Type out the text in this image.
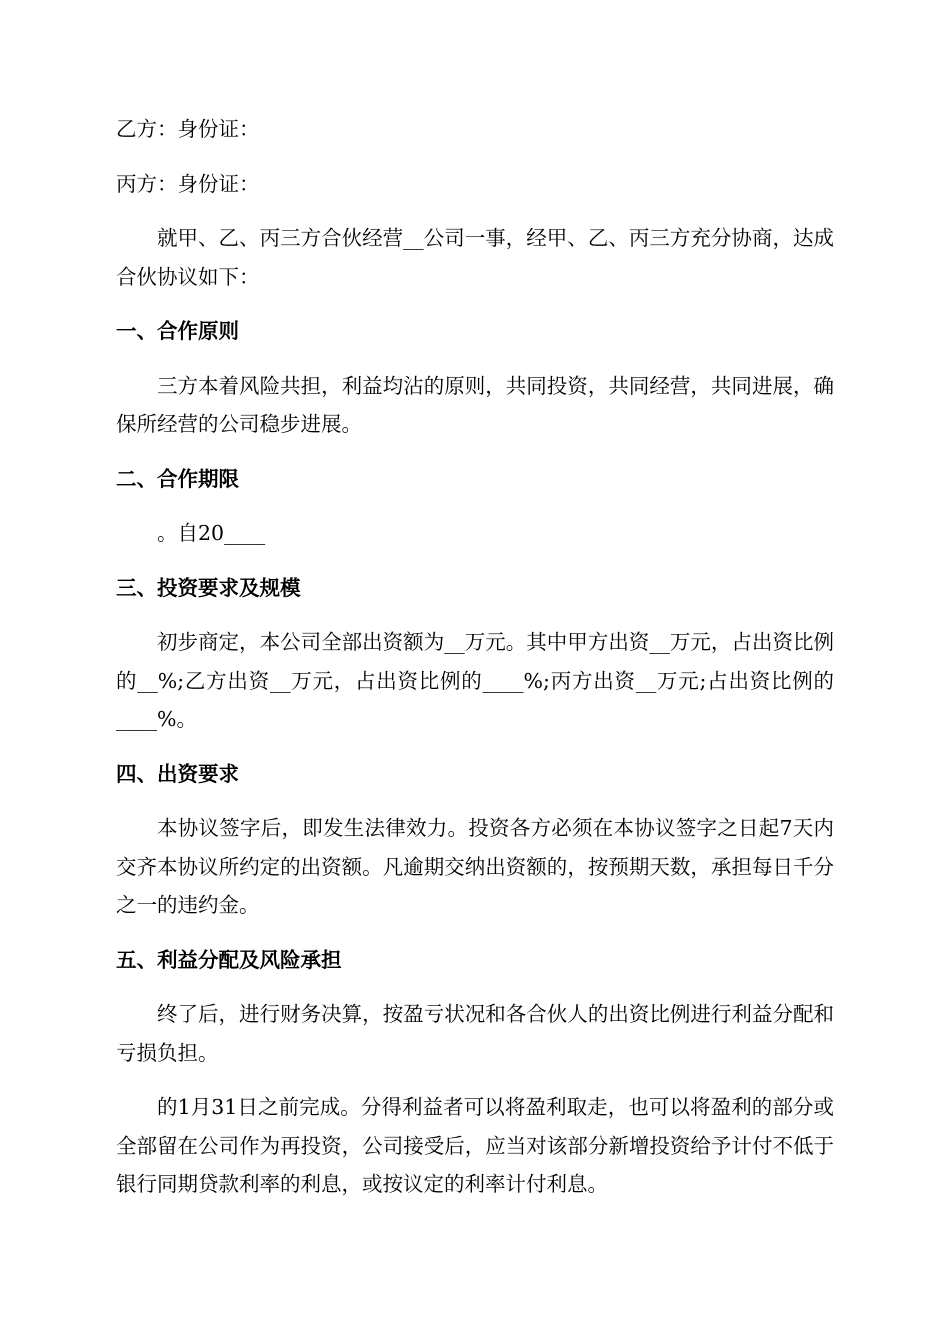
乙方：身份证：

丙方：身份证：

就甲、乙、丙三方合伙经营__公司一事，经甲、乙、丙三方充分协商，达成合伙协议如下：

一、合作原则

三方本着风险共担，利益均沾的原则，共同投资，共同经营，共同进展，确保所经营的公司稳步进展。

二、合作期限

。自20____

三、投资要求及规模

初步商定，本公司全部出资额为__万元。其中甲方出资__万元，占出资比例的__%;乙方出资__万元，占出资比例的____%;丙方出资__万元;占出资比例的____%。

四、出资要求

本协议签字后，即发生法律效力。投资各方必须在本协议签字之日起7天内交齐本协议所约定的出资额。凡逾期交纳出资额的，按预期天数，承担每日千分之一的违约金。

五、利益分配及风险承担

终了后，进行财务决算，按盈亏状况和各合伙人的出资比例进行利益分配和亏损负担。

的1月31日之前完成。分得利益者可以将盈利取走，也可以将盈利的部分或全部留在公司作为再投资，公司接受后，应当对该部分新增投资给予计付不低于银行同期贷款利率的利息，或按议定的利率计付利息。
